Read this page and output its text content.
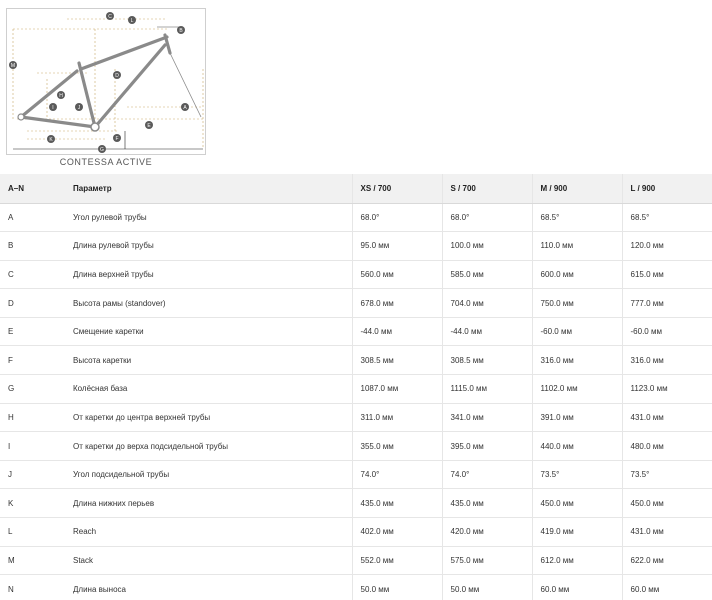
C
L
B
M
D
H
I	J	A
E
F
K
G
CONTESSA ACTIVE
A–N	Параметр	XS / 700	S / 700	M / 900	L / 900
A	Угол рулевой трубы	68.0°	68.0°	68.5°	68.5°
B	Длина рулевой трубы	95.0 мм	100.0 мм	110.0 мм	120.0 мм
C	Длина верхней трубы	560.0 мм	585.0 мм	600.0 мм	615.0 мм
D	Высота рамы (standover)	678.0 мм	704.0 мм	750.0 мм	777.0 мм
E	Смещение каретки	-44.0 мм	-44.0 мм	-60.0 мм	-60.0 мм
F	Высота каретки	308.5 мм	308.5 мм	316.0 мм	316.0 мм
G	Колёсная база	1087.0 мм	1115.0 мм	1102.0 мм	1123.0 мм
H	От каретки до центра верхней трубы	311.0 мм	341.0 мм	391.0 мм	431.0 мм
I	От каретки до верха подсидельной трубы	355.0 мм	395.0 мм	440.0 мм	480.0 мм
J	Угол подсидельной трубы	74.0°	74.0°	73.5°	73.5°
K	Длина нижних перьев	435.0 мм	435.0 мм	450.0 мм	450.0 мм
L	Reach	402.0 мм	420.0 мм	419.0 мм	431.0 мм
M	Stack	552.0 мм	575.0 мм	612.0 мм	622.0 мм
N	Длина выноса	50.0 мм	50.0 мм	60.0 мм	60.0 мм
